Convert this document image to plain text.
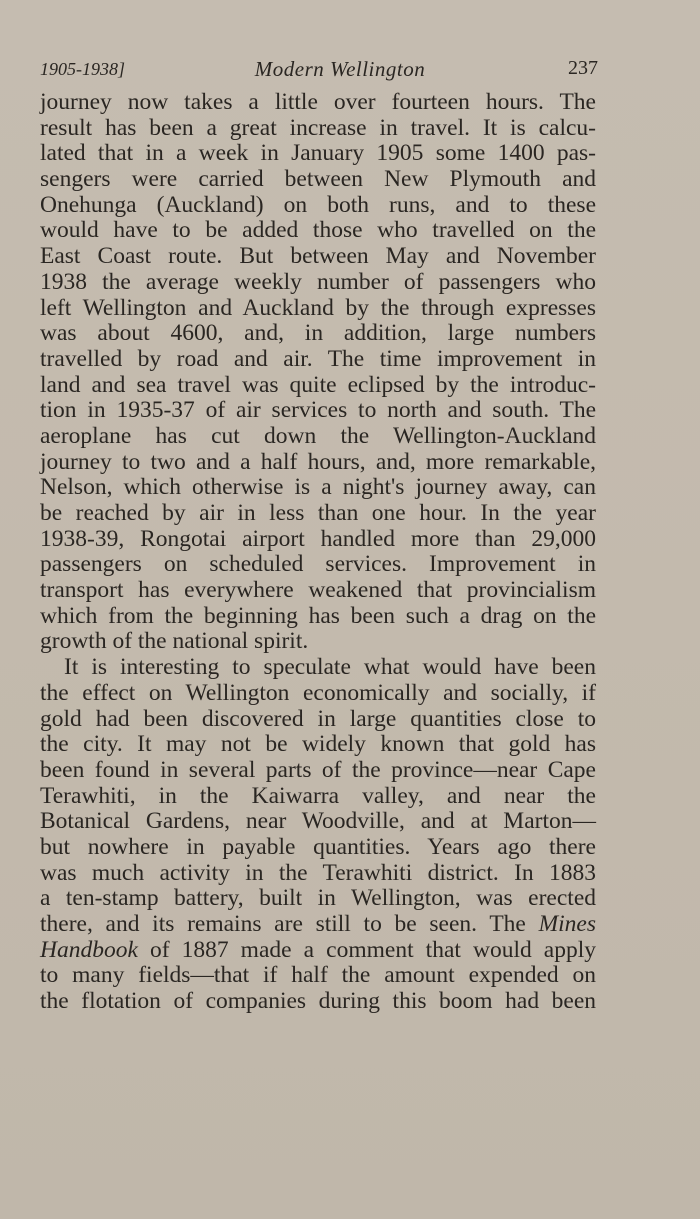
1905-1938]	Modern Wellington	237
journey now takes a little over fourteen hours. The
result has been a great increase in travel. It is calcu-
lated that in a week in January 1905 some 1400 pas-
sengers were carried between New Plymouth and
Onehunga (Auckland) on both runs, and to these
would have to be added those who travelled on the
East Coast route. But between May and November
1938 the average weekly number of passengers who
left Wellington and Auckland by the through expresses
was about 4600, and, in addition, large numbers
travelled by road and air. The time improvement in
land and sea travel was quite eclipsed by the introduc-
tion in 1935-37 of air services to north and south. The
aeroplane has cut down the Wellington-Auckland
journey to two and a half hours, and, more remarkable,
Nelson, which otherwise is a night's journey away, can
be reached by air in less than one hour. In the year
1938-39, Rongotai airport handled more than 29,000
passengers on scheduled services. Improvement in
transport has everywhere weakened that provincialism
which from the beginning has been such a drag on the
growth of the national spirit.
It is interesting to speculate what would have been
the effect on Wellington economically and socially, if
gold had been discovered in large quantities close to
the city. It may not be widely known that gold has
been found in several parts of the province—near Cape
Terawhiti, in the Kaiwarra valley, and near the
Botanical Gardens, near Woodville, and at Marton—
but nowhere in payable quantities. Years ago there
was much activity in the Terawhiti district. In 1883
a ten-stamp battery, built in Wellington, was erected
there, and its remains are still to be seen. The Mines
Handbook of 1887 made a comment that would apply
to many fields—that if half the amount expended on
the flotation of companies during this boom had been
